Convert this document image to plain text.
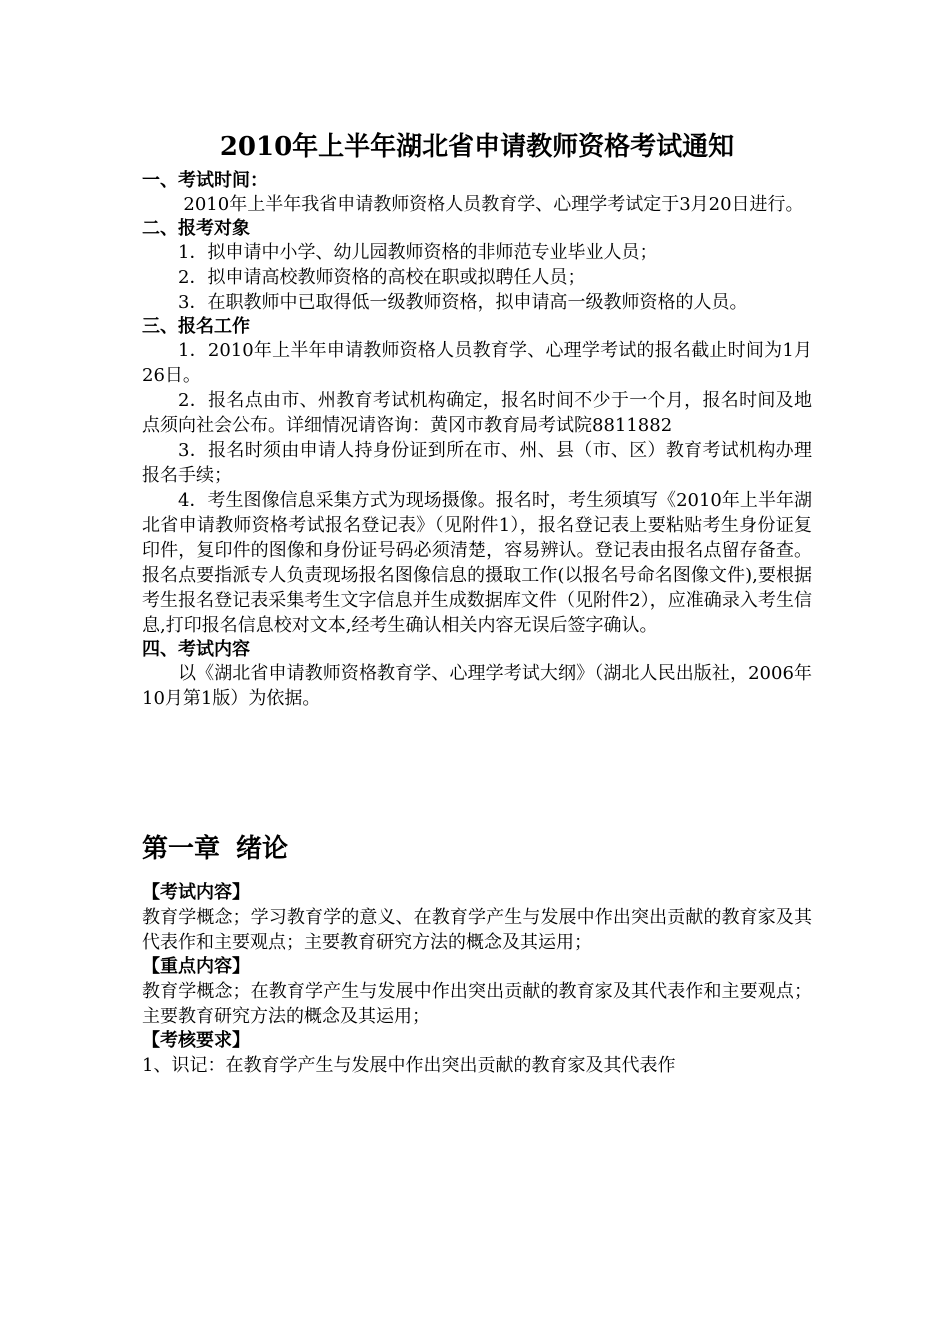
2010年上半年湖北省申请教师资格考试通知

一、考试时间：

2010年上半年我省申请教师资格人员教育学、心理学考试定于3月20日进行。

二、报考对象

1．拟申请中小学、幼儿园教师资格的非师范专业毕业人员；

2．拟申请高校教师资格的高校在职或拟聘任人员；

3．在职教师中已取得低一级教师资格，拟申请高一级教师资格的人员。

三、报名工作

1．2010年上半年申请教师资格人员教育学、心理学考试的报名截止时间为1月26日。

2．报名点由市、州教育考试机构确定，报名时间不少于一个月，报名时间及地点须向社会公布。详细情况请咨询：黄冈市教育局考试院8811882

3．报名时须由申请人持身份证到所在市、州、县（市、区）教育考试机构办理报名手续；

4．考生图像信息采集方式为现场摄像。报名时，考生须填写《2010年上半年湖北省申请教师资格考试报名登记表》（见附件1），报名登记表上要粘贴考生身份证复印件，复印件的图像和身份证号码必须清楚，容易辨认。登记表由报名点留存备查。报名点要指派专人负责现场报名图像信息的摄取工作(以报名号命名图像文件),要根据考生报名登记表采集考生文字信息并生成数据库文件（见附件2），应准确录入考生信息,打印报名信息校对文本,经考生确认相关内容无误后签字确认。

四、考试内容

以《湖北省申请教师资格教育学、心理学考试大纲》（湖北人民出版社，2006年10月第1版）为依据。

第一章 绪论

【考试内容】

教育学概念；学习教育学的意义、在教育学产生与发展中作出突出贡献的教育家及其代表作和主要观点；主要教育研究方法的概念及其运用；

【重点内容】

教育学概念；在教育学产生与发展中作出突出贡献的教育家及其代表作和主要观点；主要教育研究方法的概念及其运用；

【考核要求】

1、识记：在教育学产生与发展中作出突出贡献的教育家及其代表作
